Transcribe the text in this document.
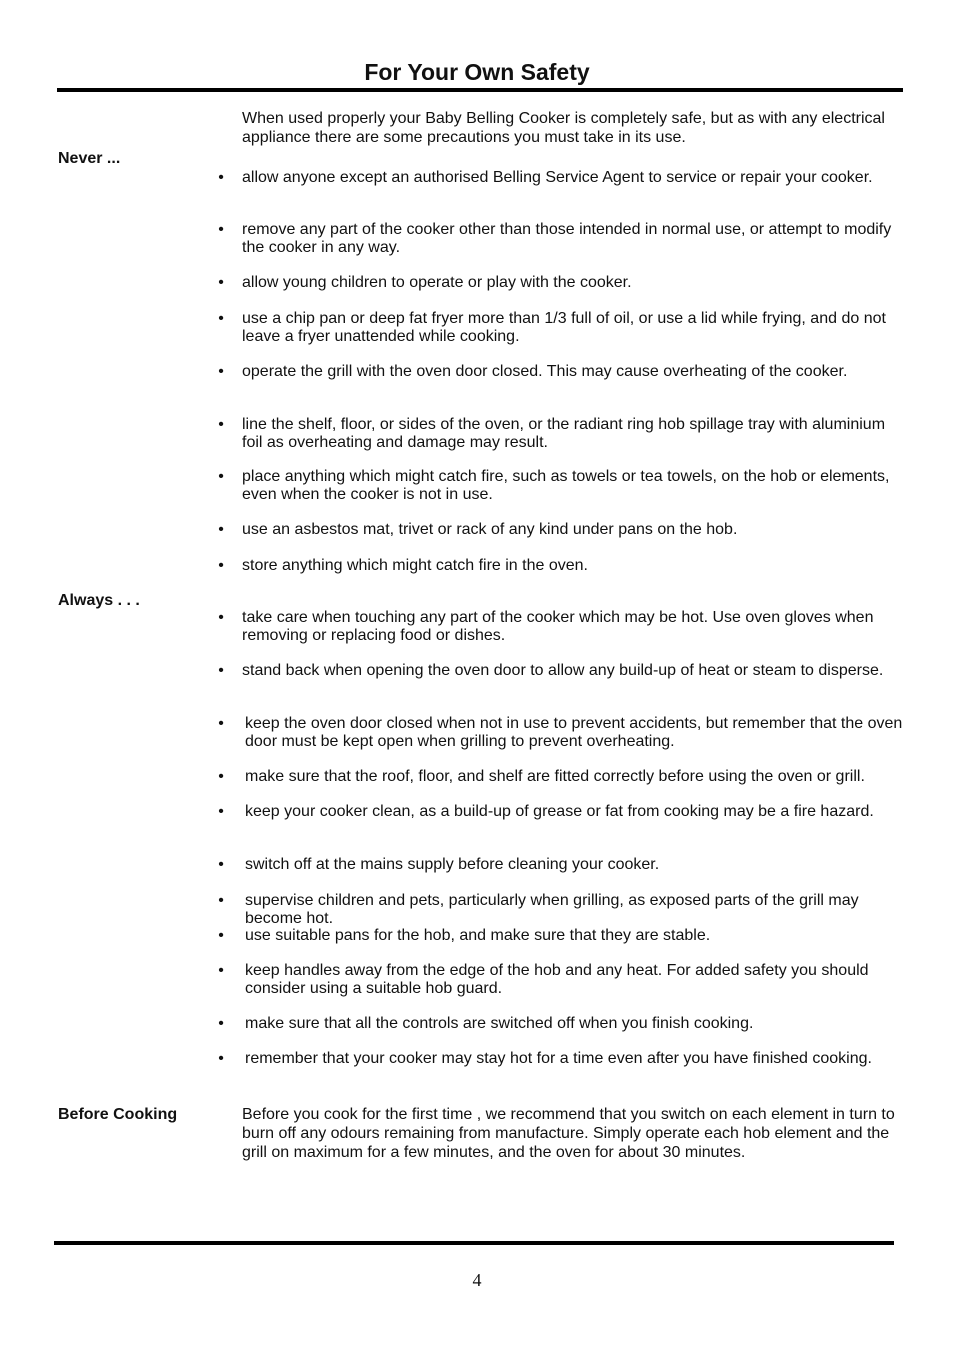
For Your Own Safety
When used properly your Baby Belling Cooker is completely safe, but as with any electrical appliance there are some precautions you must take in its use.
Never ...
• allow anyone except an authorised Belling Service Agent to service or repair your cooker.
• remove any part of the cooker other than those intended in normal use, or attempt to modify the cooker in any way.
• allow young children to operate or play with the cooker.
• use a chip pan or deep fat fryer more than 1/3 full of oil, or use a lid while frying, and do not leave a fryer unattended while cooking.
• operate the grill with the oven door closed. This may cause overheating of the cooker.
• line the shelf, floor, or sides of the oven, or the radiant ring hob spillage tray with aluminium foil as overheating and damage may result.
• place anything which might catch fire, such as towels or tea towels, on the hob or elements, even when the cooker is not in use.
• use an asbestos mat, trivet or rack of any kind under pans on the hob.
• store anything which might catch fire in the oven.
Always . . .
• take care when touching any part of the cooker which may be hot. Use oven gloves when removing or replacing food or dishes.
• stand back when opening the oven door to allow any build-up of heat or steam to disperse.
• keep the oven door closed when not in use to prevent accidents, but remember that the oven door must be kept open when grilling to prevent overheating.
• make sure that the roof, floor, and shelf are fitted correctly before using the oven or grill.
• keep your cooker clean, as a build-up of grease or fat from cooking may be a fire hazard.
• switch off at the mains supply before cleaning your cooker.
• supervise children and pets, particularly when grilling, as exposed parts of the grill may become hot.
• use suitable pans for the hob, and make sure that they are stable.
• keep handles away from the edge of the hob and any heat. For added safety you should consider using a suitable hob guard.
• make sure that all the controls are switched off when you finish cooking.
• remember that your cooker may stay hot for a time even after you have finished cooking.
Before Cooking	Before you cook for the first time , we recommend that you switch on each element in turn to burn off any odours remaining from manufacture. Simply operate each hob element and the grill on maximum for a few minutes, and the oven for about 30 minutes.
4
